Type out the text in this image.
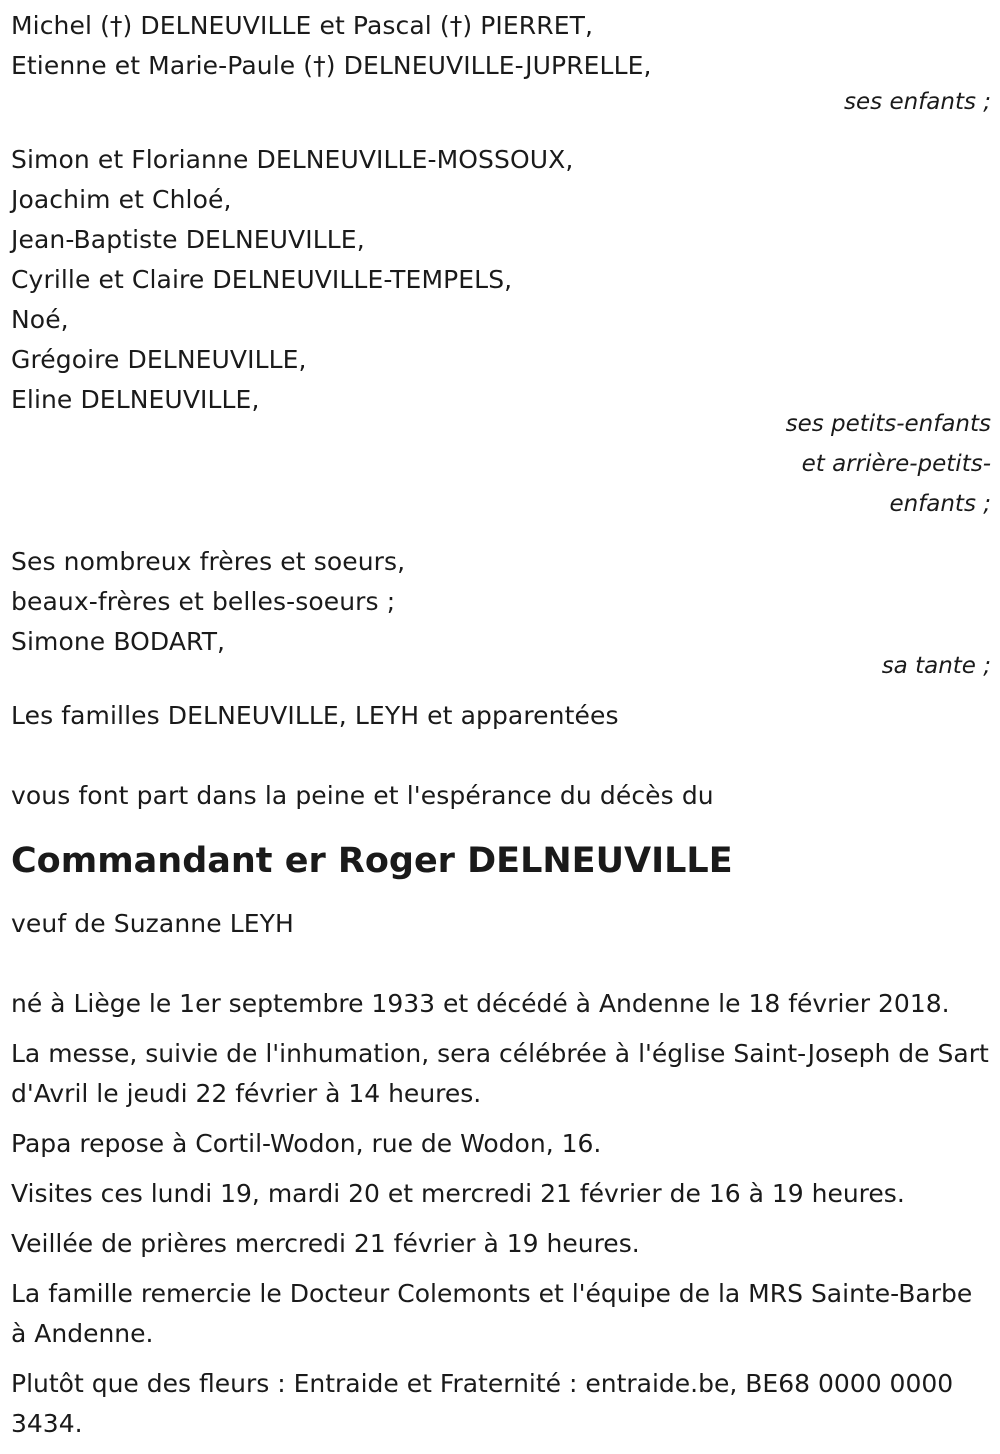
Michel (†) DELNEUVILLE et Pascal (†) PIERRET,
Etienne et Marie-Paule (†) DELNEUVILLE-JUPRELLE,
ses enfants ;
Simon et Florianne DELNEUVILLE-MOSSOUX,
Joachim et Chloé,
Jean-Baptiste DELNEUVILLE,
Cyrille et Claire DELNEUVILLE-TEMPELS,
Noé,
Grégoire DELNEUVILLE,
Eline DELNEUVILLE,
ses petits-enfants
et arrière-petits-
enfants ;
Ses nombreux frères et soeurs,
beaux-frères et belles-soeurs ;
Simone BODART,
sa tante ;
Les familles DELNEUVILLE, LEYH et apparentées
vous font part dans la peine et l'espérance du décès du
Commandant er Roger DELNEUVILLE
veuf de Suzanne LEYH
né à Liège le 1er septembre 1933 et décédé à Andenne le 18 février 2018.
La messe, suivie de l'inhumation, sera célébrée à l'église Saint-Joseph de Sart d'Avril le jeudi 22 février à 14 heures.
Papa repose à Cortil-Wodon, rue de Wodon, 16.
Visites ces lundi 19, mardi 20 et mercredi 21 février de 16 à 19 heures.
Veillée de prières mercredi 21 février à 19 heures.
La famille remercie le Docteur Colemonts et l'équipe de la MRS Sainte-Barbe à Andenne.
Plutôt que des fleurs : Entraide et Fraternité : entraide.be, BE68 0000 0000 3434.
